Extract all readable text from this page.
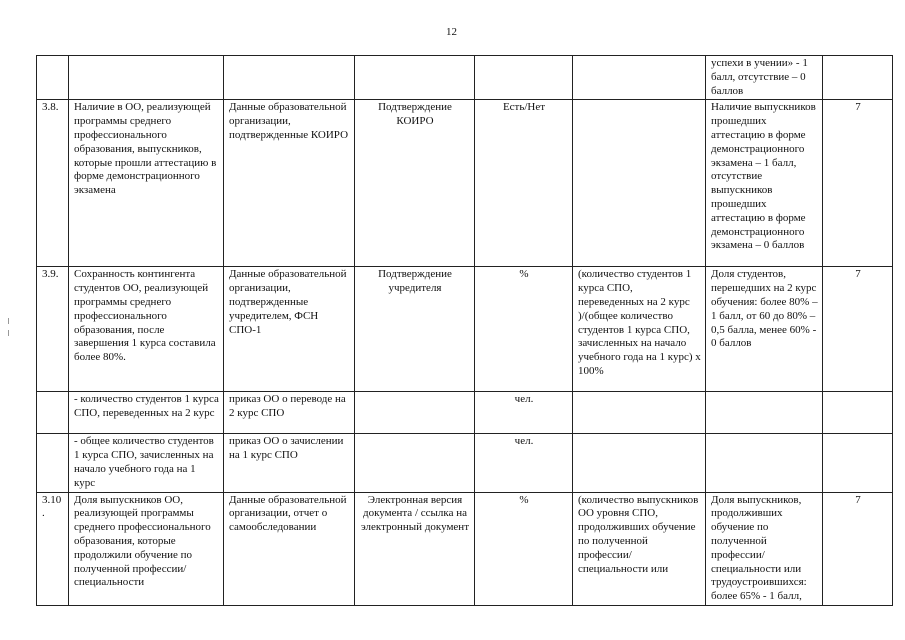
12
						успехи в учении» - 1 балл, отсутствие – 0 баллов	
3.8.	Наличие в ОО, реализующей программы среднего профессионального образования, выпускников, которые прошли аттестацию в форме демонстрационного экзамена	Данные образовательной организации, подтвержденные КОИРО	Подтверждение КОИРО	Есть/Нет		Наличие выпускников прошедших аттестацию в форме демонстрационного экзамена – 1 балл, отсутствие выпускников прошедших аттестацию в форме демонстрационного экзамена – 0 баллов	7
3.9.	Сохранность контингента студентов ОО, реализующей программы среднего профессионального образования, после завершения 1 курса составила более 80%.	Данные образовательной организации, подтвержденные учредителем, ФСН СПО-1	Подтверждение учредителя	%	(количество студентов 1 курса СПО, переведенных на 2 курс )/(общее количество студентов 1 курса СПО, зачисленных на начало учебного года на 1 курс) x 100%	Доля студентов, перешедших на 2 курс обучения: более 80% – 1 балл, от 60 до 80% – 0,5 балла, менее 60% - 0 баллов	7
	- количество студентов 1 курса СПО, переведенных на 2 курс	приказ ОО о переводе на 2 курс СПО		чел.			
	- общее количество студентов 1 курса СПО, зачисленных на начало учебного года на 1 курс	приказ ОО о зачислении на 1 курс СПО		чел.			
3.10 .	Доля выпускников ОО, реализующей программы среднего профессионального образования, которые продолжили обучение по полученной профессии/специальности	Данные образовательной организации, отчет о самообследовании	Электронная версия документа / ссылка на электронный документ	%	(количество выпускников ОО уровня СПО, продолживших обучение по полученной профессии/специальности или	Доля выпускников, продолживших обучение по полученной профессии/специальности или трудоустроившихся: более 65% - 1 балл,	7
